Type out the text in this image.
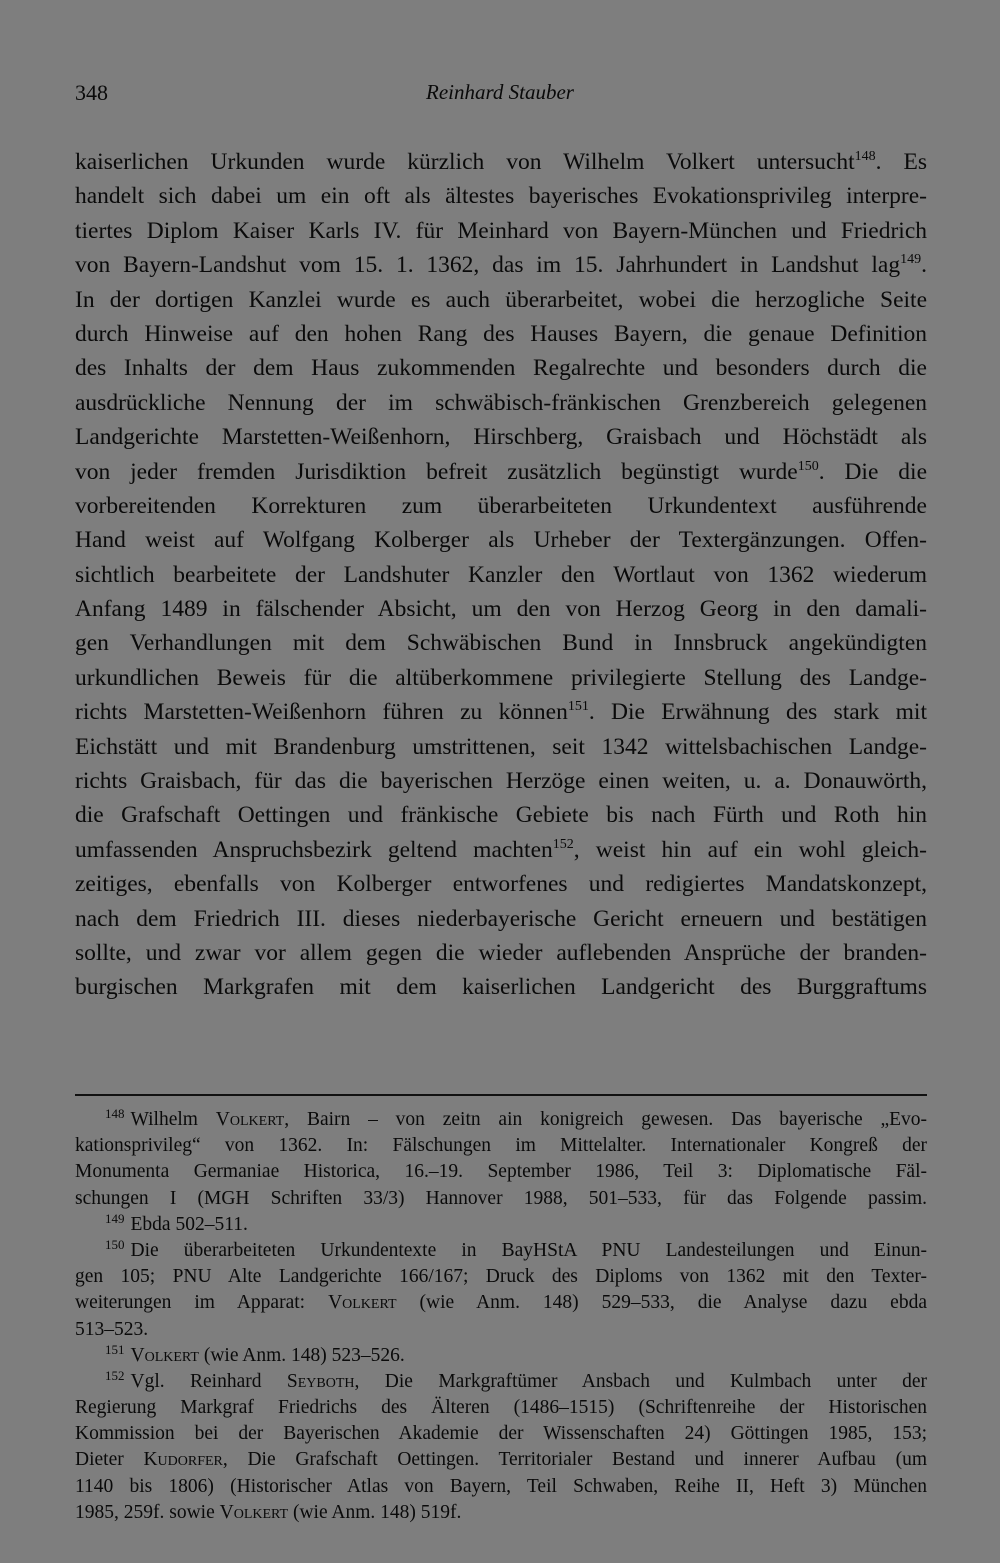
348	Reinhard Stauber
kaiserlichen Urkunden wurde kürzlich von Wilhelm Volkert untersucht$^{148}$. Es
handelt sich dabei um ein oft als ältestes bayerisches Evokationsprivileg interpre-
tiertes Diplom Kaiser Karls IV. für Meinhard von Bayern-München und Friedrich
von Bayern-Landshut vom 15. 1. 1362, das im 15. Jahrhundert in Landshut lag$^{149}$.
In der dortigen Kanzlei wurde es auch überarbeitet, wobei die herzogliche Seite
durch Hinweise auf den hohen Rang des Hauses Bayern, die genaue Definition
des Inhalts der dem Haus zukommenden Regalrechte und besonders durch die
ausdrückliche Nennung der im schwäbisch-fränkischen Grenzbereich gelegenen
Landgerichte Marstetten-Weißenhorn, Hirschberg, Graisbach und Höchstädt als
von jeder fremden Jurisdiktion befreit zusätzlich begünstigt wurde$^{150}$. Die die
vorbereitenden Korrekturen zum überarbeiteten Urkundentext ausführende
Hand weist auf Wolfgang Kolberger als Urheber der Textergänzungen. Offen-
sichtlich bearbeitete der Landshuter Kanzler den Wortlaut von 1362 wiederum
Anfang 1489 in fälschender Absicht, um den von Herzog Georg in den damali-
gen Verhandlungen mit dem Schwäbischen Bund in Innsbruck angekündigten
urkundlichen Beweis für die altüberkommene privilegierte Stellung des Landge-
richts Marstetten-Weißenhorn führen zu können$^{151}$. Die Erwähnung des stark mit
Eichstätt und mit Brandenburg umstrittenen, seit 1342 wittelsbachischen Landge-
richts Graisbach, für das die bayerischen Herzöge einen weiten, u. a. Donauwörth,
die Grafschaft Oettingen und fränkische Gebiete bis nach Fürth und Roth hin
umfassenden Anspruchsbezirk geltend machten$^{152}$, weist hin auf ein wohl gleich-
zeitiges, ebenfalls von Kolberger entworfenes und redigiertes Mandatskonzept,
nach dem Friedrich III. dieses niederbayerische Gericht erneuern und bestätigen
sollte, und zwar vor allem gegen die wieder auflebenden Ansprüche der branden-
burgischen Markgrafen mit dem kaiserlichen Landgericht des Burggraftums
$^{148}$ Wilhelm Volkert, Bairn – von zeitn ain konigreich gewesen. Das bayerische „Evo-
kationsprivileg“ von 1362. In: Fälschungen im Mittelalter. Internationaler Kongreß der
Monumenta Germaniae Historica, 16.–19. September 1986, Teil 3: Diplomatische Fäl-
schungen I (MGH Schriften 33/3) Hannover 1988, 501–533, für das Folgende passim.
$^{149}$ Ebda 502–511.
$^{150}$ Die überarbeiteten Urkundentexte in BayHStA PNU Landesteilungen und Einun-
gen 105; PNU Alte Landgerichte 166/167; Druck des Diploms von 1362 mit den Texter-
weiterungen im Apparat: Volkert (wie Anm. 148) 529–533, die Analyse dazu ebda
513–523.
$^{151}$ Volkert (wie Anm. 148) 523–526.
$^{152}$ Vgl. Reinhard Seyboth, Die Markgraftümer Ansbach und Kulmbach unter der
Regierung Markgraf Friedrichs des Älteren (1486–1515) (Schriftenreihe der Historischen
Kommission bei der Bayerischen Akademie der Wissenschaften 24) Göttingen 1985, 153;
Dieter Kudorfer, Die Grafschaft Oettingen. Territorialer Bestand und innerer Aufbau (um
1140 bis 1806) (Historischer Atlas von Bayern, Teil Schwaben, Reihe II, Heft 3) München
1985, 259f. sowie Volkert (wie Anm. 148) 519f.
